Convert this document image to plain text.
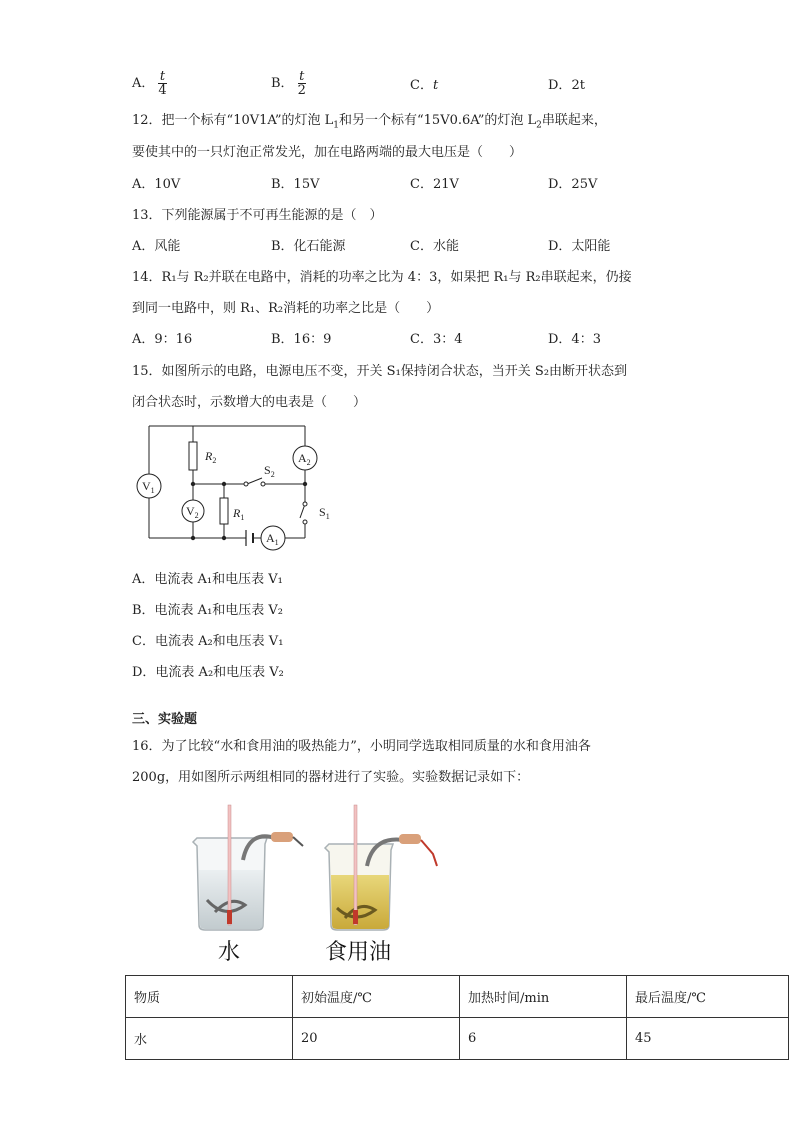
A． $\frac{t}{4}$	B． $\frac{t}{2}$	C．t	D．2t
12．把一个标有“10V1A”的灯泡 $L_1$和另一个标有“15V0.6A”的灯泡 $L_2$串联起来，
要使其中的一只灯泡正常发光，加在电路两端的最大电压是（　　）
A．10V	B．15V	C．21V	D．25V
13．下列能源属于不可再生能源的是（　）
A．风能	B．化石能源	C．水能	D．太阳能
14．R₁与 R₂并联在电路中，消耗的功率之比为 4：3，如果把 R₁与 R₂串联起来，仍接
到同一电路中，则 R₁、R₂消耗的功率之比是（　　）
A．9：16	B．16：9	C．3：4	D．4：3
15．如图所示的电路，电源电压不变，开关 S₁保持闭合状态，当开关 S₂由断开状态到
闭合状态时，示数增大的电表是（　　）
$V_1$
$V_2$
$A_2$
$A_1$
$R_2$
$R_1$
$S_2$
$S_1$
A．电流表 A₁和电压表 V₁
B．电流表 A₁和电压表 V₂
C．电流表 A₂和电压表 V₁
D．电流表 A₂和电压表 V₂
三、实验题
16．为了比较“水和食用油的吸热能力”，小明同学选取相同质量的水和食用油各
200g，用如图所示两组相同的器材进行了实验。实验数据记录如下：
水	食用油
物质	初始温度/℃	加热时间/min	最后温度/℃
水	20	6	45
